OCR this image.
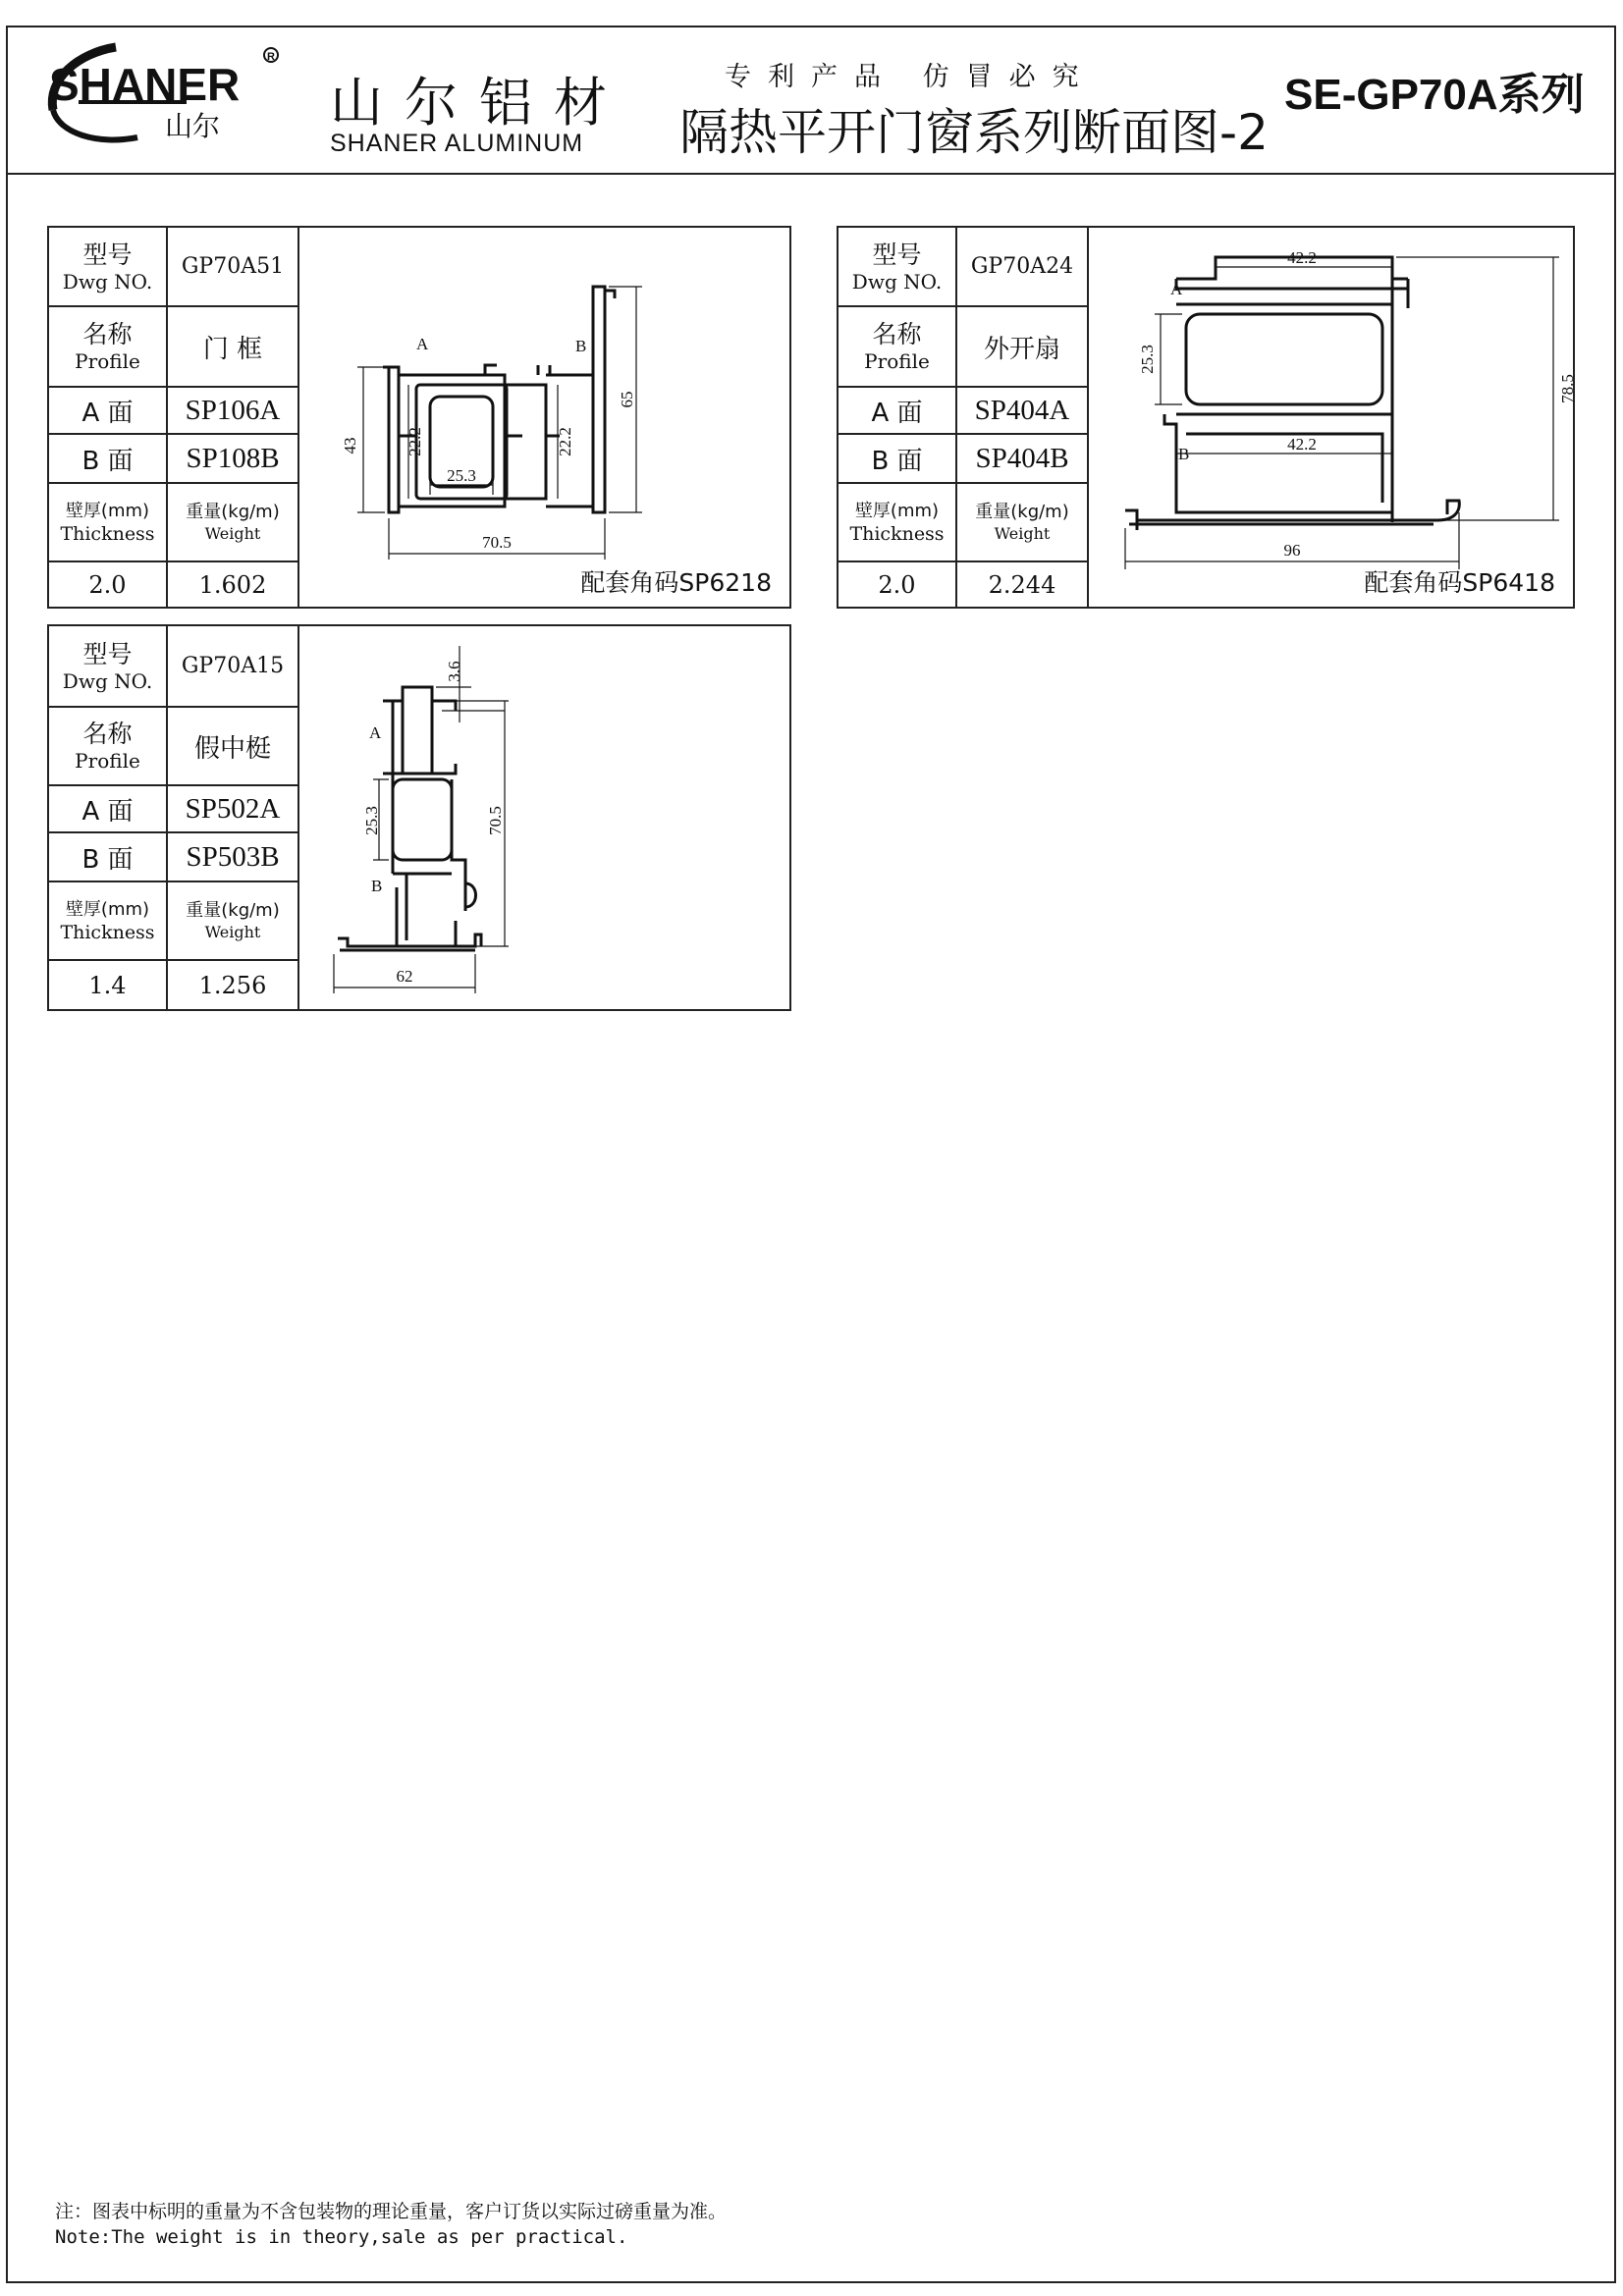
SHANER
R
山尔 山尔铝材
SHANER ALUMINUM
专利产品 仿冒必究
隔热平开门窗系列断面图-2
SE-GP70A系列
型号
Dwg NO.	GP70A51

名称
Profile	门 框
A 面	SP106A
B 面	SP108B

壁厚(mm)
Thickness	重量(kg/m)
Weight

2.0	1.602
43
65
70.5
25.3
22.2	22.2
A	B
配套角码SP6218
型号
Dwg NO.	GP70A24

名称
Profile	外开扇
A 面	SP404A
B 面	SP404B

壁厚(mm)
Thickness	重量(kg/m)
Weight

2.0	2.244
42.2
42.2
25.3
78.5
96
A
B
配套角码SP6418
型号
Dwg NO.	GP70A15

名称
Profile	假中梃
A 面	SP502A
B 面	SP503B

壁厚(mm)
Thickness	重量(kg/m)
Weight

1.4	1.256
3.6
25.3	70.5
62
A
B
注：图表中标明的重量为不含包装物的理论重量，客户订货以实际过磅重量为准。
Note:The weight is in theory,sale as per practical.
